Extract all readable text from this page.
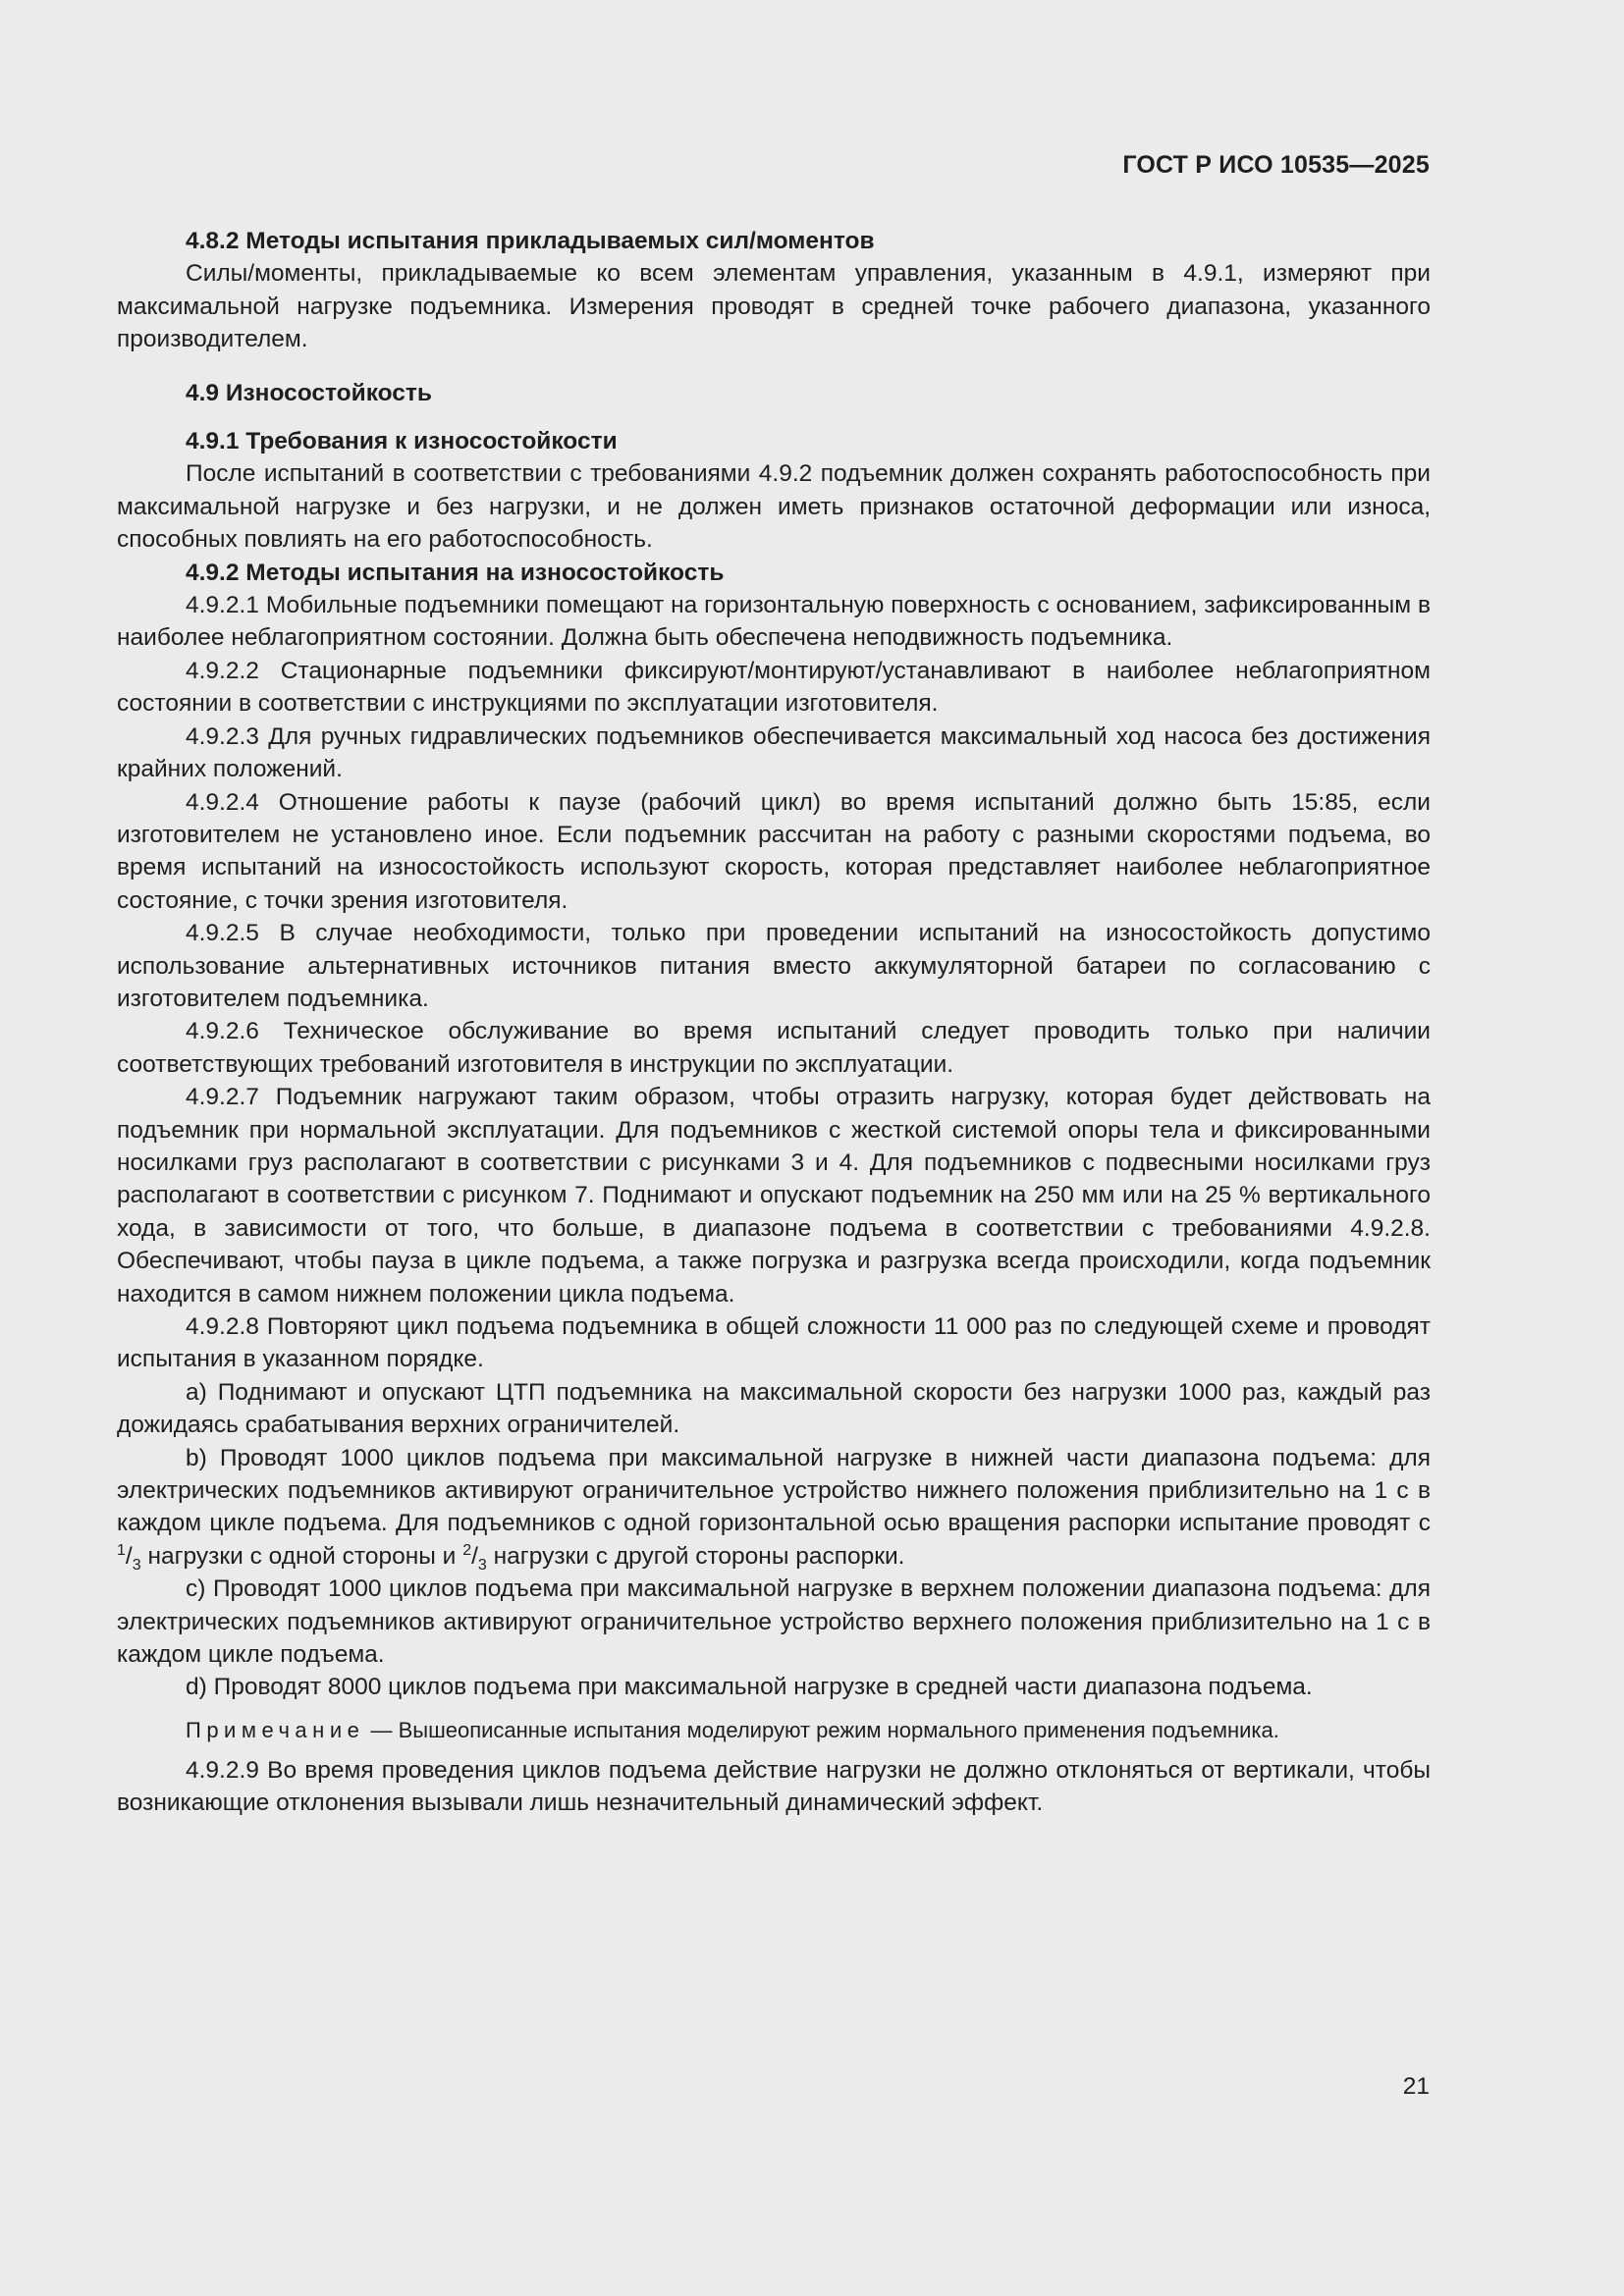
ГОСТ Р ИСО 10535—2025

4.8.2 Методы испытания прикладываемых сил/моментов

Силы/моменты, прикладываемые ко всем элементам управления, указанным в 4.9.1, измеряют при максимальной нагрузке подъемника. Измерения проводят в средней точке рабочего диапазона, указанного производителем.

4.9 Износостойкость
4.9.1 Требования к износостойкости

После испытаний в соответствии с требованиями 4.9.2 подъемник должен сохранять работоспособность при максимальной нагрузке и без нагрузки, и не должен иметь признаков остаточной деформации или износа, способных повлиять на его работоспособность.

4.9.2 Методы испытания на износостойкость

4.9.2.1 Мобильные подъемники помещают на горизонтальную поверхность с основанием, зафиксированным в наиболее неблагоприятном состоянии. Должна быть обеспечена неподвижность подъемника.

4.9.2.2 Стационарные подъемники фиксируют/монтируют/устанавливают в наиболее неблагоприятном состоянии в соответствии с инструкциями по эксплуатации изготовителя.

4.9.2.3 Для ручных гидравлических подъемников обеспечивается максимальный ход насоса без достижения крайних положений.

4.9.2.4 Отношение работы к паузе (рабочий цикл) во время испытаний должно быть 15:85, если изготовителем не установлено иное. Если подъемник рассчитан на работу с разными скоростями подъема, во время испытаний на износостойкость используют скорость, которая представляет наиболее неблагоприятное состояние, с точки зрения изготовителя.

4.9.2.5 В случае необходимости, только при проведении испытаний на износостойкость допустимо использование альтернативных источников питания вместо аккумуляторной батареи по согласованию с изготовителем подъемника.

4.9.2.6 Техническое обслуживание во время испытаний следует проводить только при наличии соответствующих требований изготовителя в инструкции по эксплуатации.

4.9.2.7 Подъемник нагружают таким образом, чтобы отразить нагрузку, которая будет действовать на подъемник при нормальной эксплуатации. Для подъемников с жесткой системой опоры тела и фиксированными носилками груз располагают в соответствии с рисунками 3 и 4. Для подъемников с подвесными носилками груз располагают в соответствии с рисунком 7. Поднимают и опускают подъемник на 250 мм или на 25 % вертикального хода, в зависимости от того, что больше, в диапазоне подъема в соответствии с требованиями 4.9.2.8. Обеспечивают, чтобы пауза в цикле подъема, а также погрузка и разгрузка всегда происходили, когда подъемник находится в самом нижнем положении цикла подъема.

4.9.2.8 Повторяют цикл подъема подъемника в общей сложности 11 000 раз по следующей схеме и проводят испытания в указанном порядке.

a) Поднимают и опускают ЦТП подъемника на максимальной скорости без нагрузки 1000 раз, каждый раз дожидаясь срабатывания верхних ограничителей.

b) Проводят 1000 циклов подъема при максимальной нагрузке в нижней части диапазона подъема: для электрических подъемников активируют ограничительное устройство нижнего положения приблизительно на 1 с в каждом цикле подъема. Для подъемников с одной горизонтальной осью вращения распорки испытание проводят с $^1/_3$ нагрузки с одной стороны и $^2/_3$ нагрузки с другой стороны распорки.

c) Проводят 1000 циклов подъема при максимальной нагрузке в верхнем положении диапазона подъема: для электрических подъемников активируют ограничительное устройство верхнего положения приблизительно на 1 с в каждом цикле подъема.

d) Проводят 8000 циклов подъема при максимальной нагрузке в средней части диапазона подъема.

Примечание — Вышеописанные испытания моделируют режим нормального применения подъемника.

4.9.2.9 Во время проведения циклов подъема действие нагрузки не должно отклоняться от вертикали, чтобы возникающие отклонения вызывали лишь незначительный динамический эффект.

21
